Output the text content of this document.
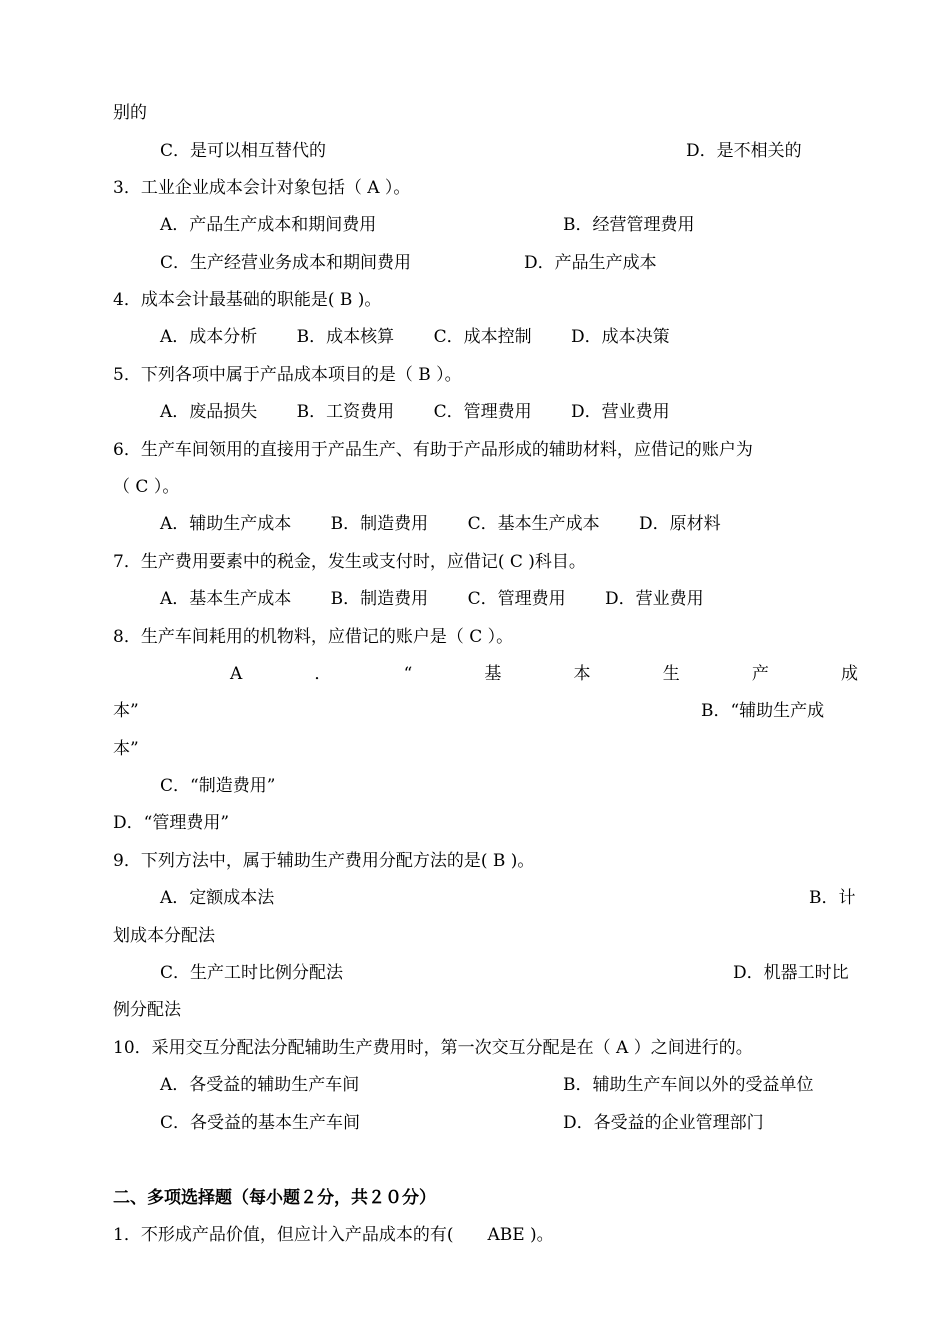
别的
C．是可以相互替代的	D．是不相关的
3．工业企业成本会计对象包括（ A ）。
A．产品生产成本和期间费用	B．经营管理费用
C．生产经营业务成本和期间费用	D．产品生产成本
4．成本会计最基础的职能是( B )。
A．成本分析　　 B．成本核算　　 C．成本控制　　 D．成本决策
5．下列各项中属于产品成本项目的是（ B ）。
A．废品损失　　 B．工资费用　　 C．管理费用　　 D．营业费用
6．生产车间领用的直接用于产品生产、有助于产品形成的辅助材料，应借记的账户为
（ C ）。
A．辅助生产成本　　 B．制造费用　　 C．基本生产成本　　 D．原材料
7．生产费用要素中的税金，发生或支付时，应借记( C )科目。
A．基本生产成本　　 B．制造费用　　 C．管理费用　　 D．营业费用
8．生产车间耗用的机物料，应借记的账户是（ C ）。
A	．	“	基	本	生	产	成
本”	B．“辅助生产成
本”
C．“制造费用”
D．“管理费用”
9．下列方法中，属于辅助生产费用分配方法的是( B )。
A．定额成本法	B．计
划成本分配法
C．生产工时比例分配法	D．机器工时比
例分配法
10．采用交互分配法分配辅助生产费用时，第一次交互分配是在（ A ）之间进行的。
A．各受益的辅助生产车间	B．辅助生产车间以外的受益单位
C．各受益的基本生产车间	D．各受益的企业管理部门
二、多项选择题（每小题２分，共２０分）
1．不形成产品价值，但应计入产品成本的有(　　ABE )。
